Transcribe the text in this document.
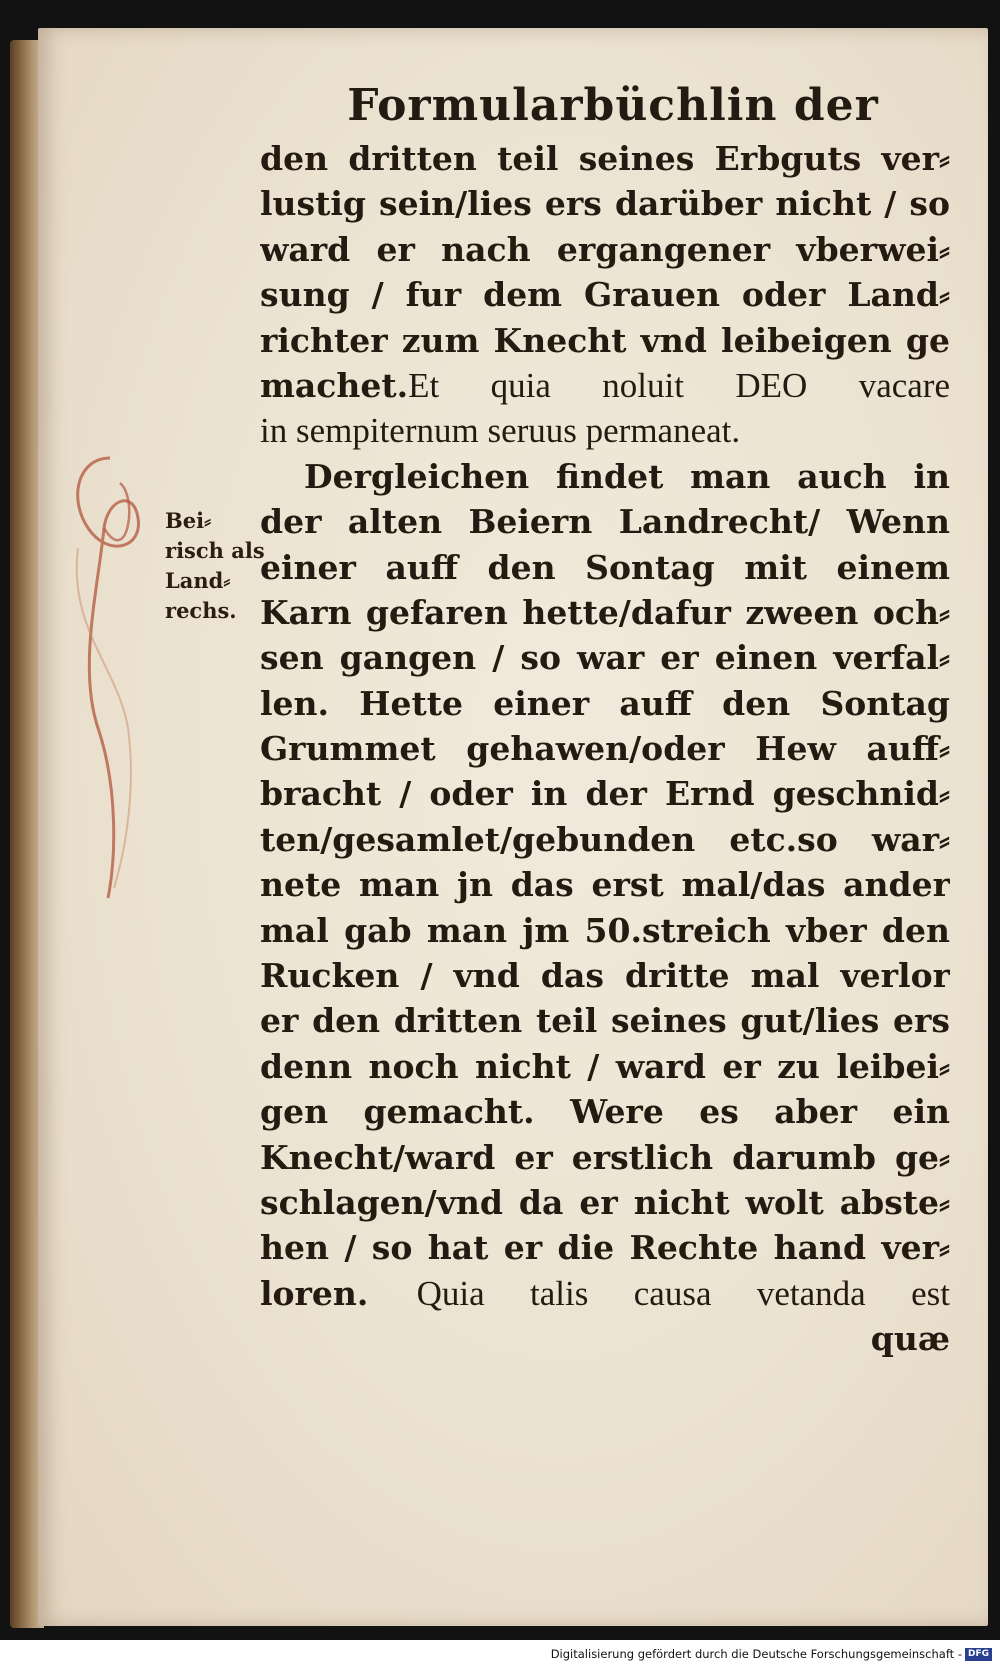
Formularbüchlin der
Bei⸗
risch als
Land⸗
rechs.
den dritten teil seines Erbguts ver⸗
lustig sein/lies ers darüber nicht / so
ward er nach ergangener vberwei⸗
sung / fur dem Grauen oder Land⸗
richter zum Knecht vnd leibeigen ge
machet.Et quia noluit DEO vacare
in sempiternum seruus permaneat.
Dergleichen findet man auch in
der alten Beiern Landrecht/ Wenn
einer auff den Sontag mit einem
Karn gefaren hette/dafur zween och⸗
sen gangen / so war er einen verfal⸗
len. Hette einer auff den Sontag
Grummet gehawen/oder Hew auff⸗
bracht / oder in der Ernd geschnid⸗
ten/gesamlet/gebunden etc.so war⸗
nete man jn das erst mal/das ander
mal gab man jm 50.streich vber den
Rucken / vnd das dritte mal verlor
er den dritten teil seines gut/lies ers
denn noch nicht / ward er zu leibei⸗
gen gemacht. Were es aber ein
Knecht/ward er erstlich darumb ge⸗
schlagen/vnd da er nicht wolt abste⸗
hen / so hat er die Rechte hand ver⸗
loren. Quia talis causa vetanda est
quæ
Digitalisierung gefördert durch die Deutsche Forschungsgemeinschaft - DFG
